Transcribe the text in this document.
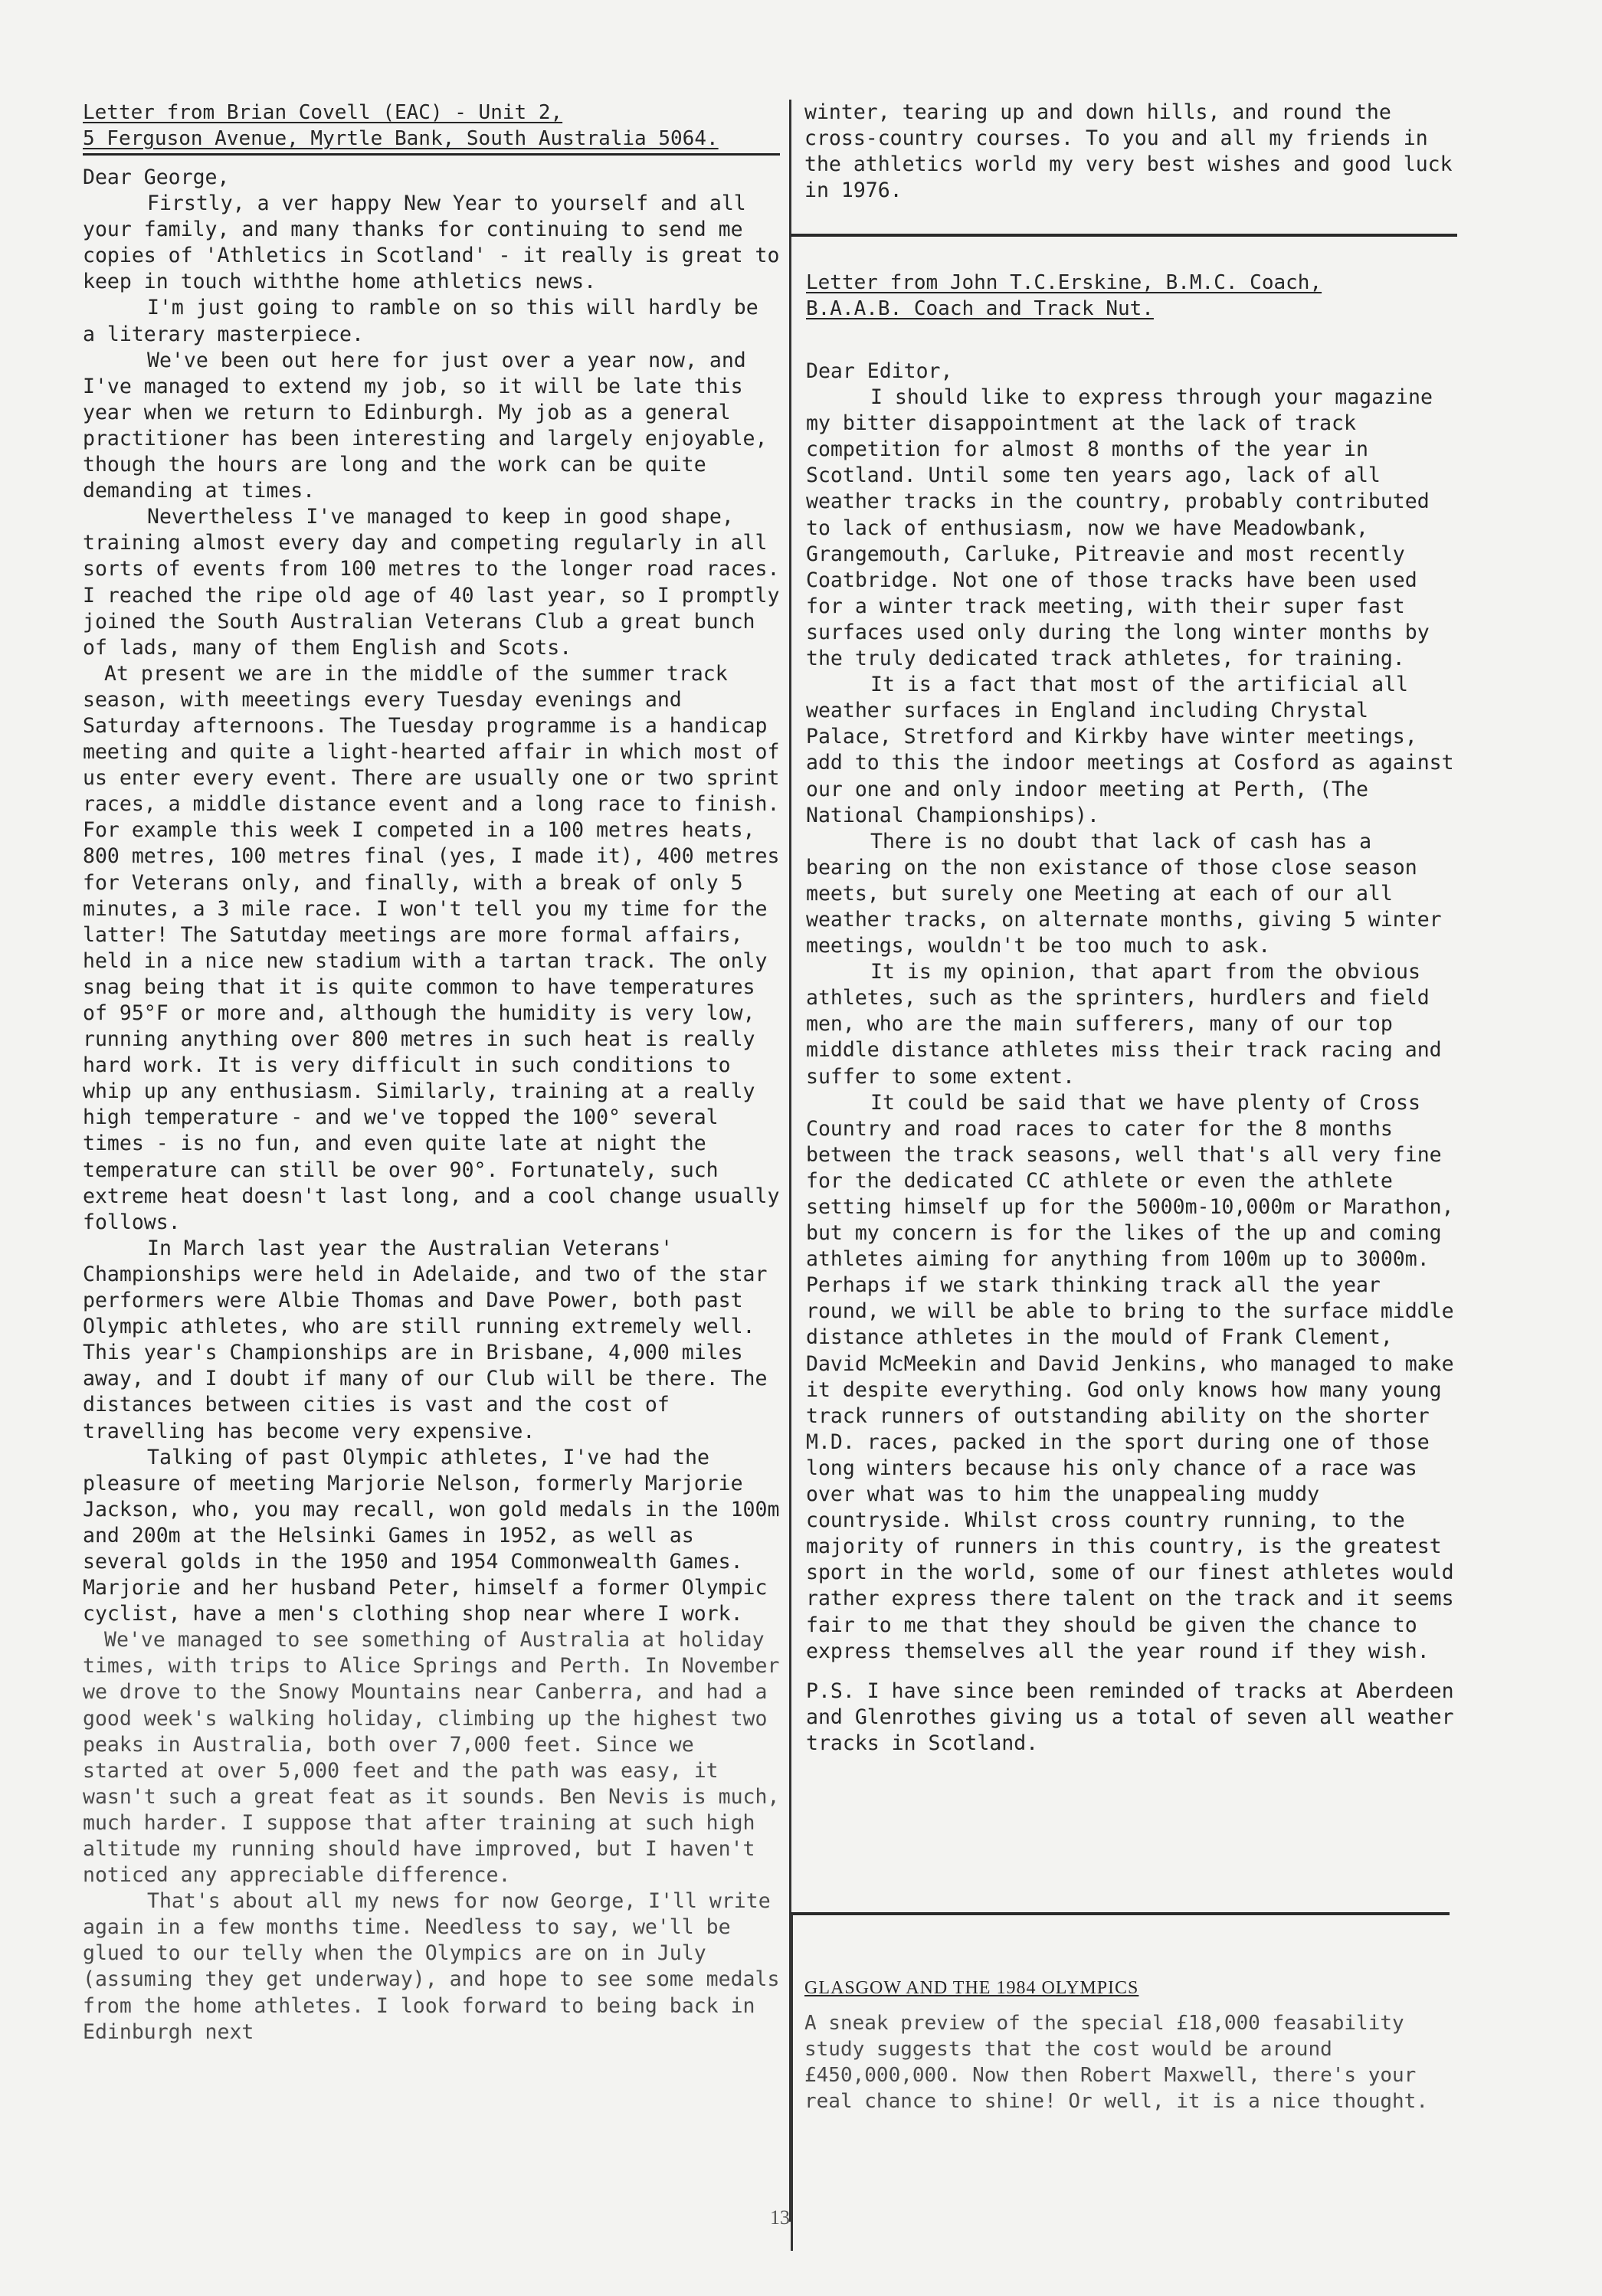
Letter from Brian Covell (EAC) - Unit 2,

5 Ferguson Avenue, Myrtle Bank, South Australia 5064.

Dear George,

Firstly, a ver happy New Year to yourself and all your family, and many thanks for continuing to send me copies of 'Athletics in Scotland' - it really is great to keep in touch withthe home athletics news.

I'm just going to ramble on so this will hardly be a literary masterpiece.

We've been out here for just over a year now, and I've managed to extend my job, so it will be late this year when we return to Edinburgh. My job as a general practitioner has been interesting and largely enjoyable, though the hours are long and the work can be quite demanding at times.

Nevertheless I've managed to keep in good shape, training almost every day and competing regularly in all sorts of events from 100 metres to the longer road races. I reached the ripe old age of 40 last year, so I promptly joined the South Australian Veterans Club a great bunch of lads, many of them English and Scots.

At present we are in the middle of the summer track season, with meeetings every Tuesday evenings and Saturday afternoons. The Tuesday programme is a handicap meeting and quite a light-hearted affair in which most of us enter every event. There are usually one or two sprint races, a middle distance event and a long race to finish. For example this week I competed in a 100 metres heats, 800 metres, 100 metres final (yes, I made it), 400 metres for Veterans only, and finally, with a break of only 5 minutes, a 3 mile race. I won't tell you my time for the latter! The Satutday meetings are more formal affairs, held in a nice new stadium with a tartan track. The only snag being that it is quite common to have temperatures of 95°F or more and, although the humidity is very low, running anything over 800 metres in such heat is really hard work. It is very difficult in such conditions to whip up any enthusiasm. Similarly, training at a really high temperature - and we've topped the 100° several times - is no fun, and even quite late at night the temperature can still be over 90°. Fortunately, such extreme heat doesn't last long, and a cool change usually follows.

In March last year the Australian Veterans' Championships were held in Adelaide, and two of the star performers were Albie Thomas and Dave Power, both past Olympic athletes, who are still running extremely well. This year's Championships are in Brisbane, 4,000 miles away, and I doubt if many of our Club will be there. The distances between cities is vast and the cost of travelling has become very expensive.

Talking of past Olympic athletes, I've had the pleasure of meeting Marjorie Nelson, formerly Marjorie Jackson, who, you may recall, won gold medals in the 100m and 200m at the Helsinki Games in 1952, as well as several golds in the 1950 and 1954 Commonwealth Games. Marjorie and her husband Peter, himself a former Olympic cyclist, have a men's clothing shop near where I work.

We've managed to see something of Australia at holiday times, with trips to Alice Springs and Perth. In November we drove to the Snowy Mountains near Canberra, and had a good week's walking holiday, climbing up the highest two peaks in Australia, both over 7,000 feet. Since we started at over 5,000 feet and the path was easy, it wasn't such a great feat as it sounds. Ben Nevis is much, much harder. I suppose that after training at such high altitude my running should have improved, but I haven't noticed any appreciable difference.

That's about all my news for now George, I'll write again in a few months time. Needless to say, we'll be glued to our telly when the Olympics are on in July (assuming they get underway), and hope to see some medals from the home athletes. I look forward to being back in Edinburgh next

winter, tearing up and down hills, and round the cross-country courses. To you and all my friends in the athletics world my very best wishes and good luck in 1976.

Letter from John T.C.Erskine, B.M.C. Coach,

B.A.A.B. Coach and Track Nut.

Dear Editor,

I should like to express through your magazine my bitter disappointment at the lack of track competition for almost 8 months of the year in Scotland. Until some ten years ago, lack of all weather tracks in the country, probably contributed to lack of enthusiasm, now we have Meadowbank, Grangemouth, Carluke, Pitreavie and most recently Coatbridge. Not one of those tracks have been used for a winter track meeting, with their super fast surfaces used only during the long winter months by the truly dedicated track athletes, for training.

It is a fact that most of the artificial all weather surfaces in England including Chrystal Palace, Stretford and Kirkby have winter meetings, add to this the indoor meetings at Cosford as against our one and only indoor meeting at Perth, (The National Championships).

There is no doubt that lack of cash has a bearing on the non existance of those close season meets, but surely one Meeting at each of our all weather tracks, on alternate months, giving 5 winter meetings, wouldn't be too much to ask.

It is my opinion, that apart from the obvious athletes, such as the sprinters, hurdlers and field men, who are the main sufferers, many of our top middle distance athletes miss their track racing and suffer to some extent.

It could be said that we have plenty of Cross Country and road races to cater for the 8 months between the track seasons, well that's all very fine for the dedicated CC athlete or even the athlete setting himself up for the 5000m-10,000m or Marathon, but my concern is for the likes of the up and coming athletes aiming for anything from 100m up to 3000m. Perhaps if we stark thinking track all the year round, we will be able to bring to the surface middle distance athletes in the mould of Frank Clement, David McMeekin and David Jenkins, who managed to make it despite everything. God only knows how many young track runners of outstanding ability on the shorter M.D. races, packed in the sport during one of those long winters because his only chance of a race was over what was to him the unappealing muddy countryside. Whilst cross country running, to the majority of runners in this country, is the greatest sport in the world, some of our finest athletes would rather express there talent on the track and it seems fair to me that they should be given the chance to express themselves all the year round if they wish.

P.S. I have since been reminded of tracks at Aberdeen and Glenrothes giving us a total of seven all weather tracks in Scotland.

GLASGOW AND THE 1984 OLYMPICS

A sneak preview of the special £18,000 feasability study suggests that the cost would be around £450,000,000. Now then Robert Maxwell, there's your real chance to shine! Or well, it is a nice thought.

13
